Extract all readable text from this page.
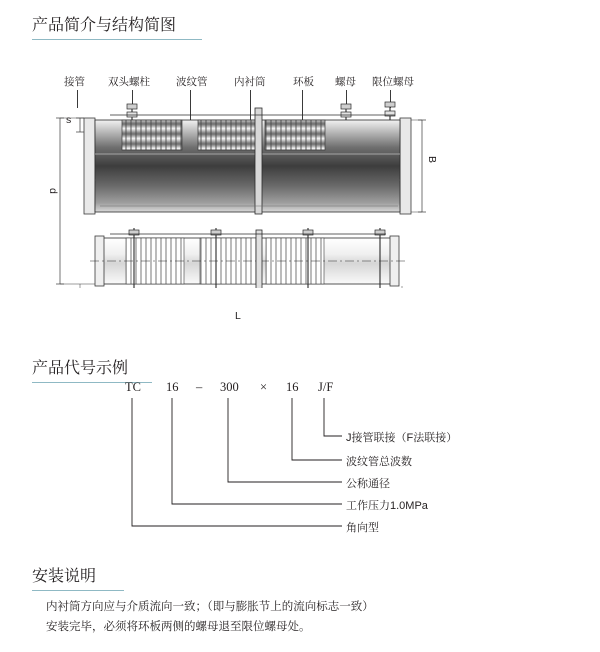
产品简介与结构简图
接管 双头螺柱 波纹管	内衬筒	环板 螺母 限位螺母
s
d
B
L
产品代号示例
TC 16 – 300 × 16 J/F
J接管联接（F法联接）
波纹管总波数
公称通径
工作压力1.0MPa
角向型
安装说明
内衬筒方向应与介质流向一致；（即与膨胀节上的流向标志一致）
安装完毕，必须将环板两侧的螺母退至限位螺母处。
